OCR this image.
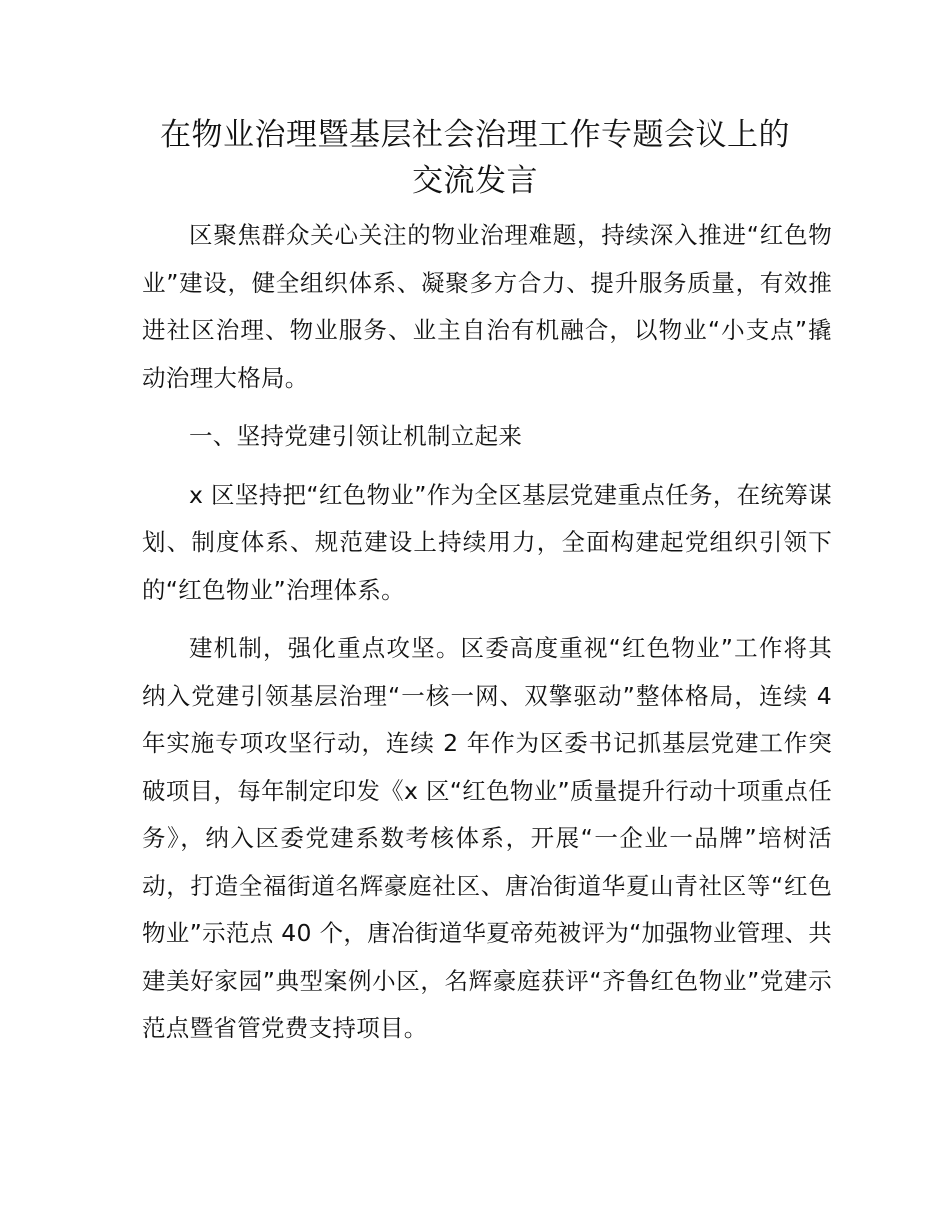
在物业治理暨基层社会治理工作专题会议上的
交流发言

区聚焦群众关心关注的物业治理难题，持续深入推进“红色物业”建设，健全组织体系、凝聚多方合力、提升服务质量，有效推进社区治理、物业服务、业主自治有机融合，以物业“小支点”撬动治理大格局。

一、坚持党建引领让机制立起来

x 区坚持把“红色物业”作为全区基层党建重点任务，在统筹谋划、制度体系、规范建设上持续用力，全面构建起党组织引领下的“红色物业”治理体系。

建机制，强化重点攻坚。区委高度重视“红色物业”工作将其纳入党建引领基层治理“一核一网、双擎驱动”整体格局，连续 4 年实施专项攻坚行动，连续 2 年作为区委书记抓基层党建工作突破项目，每年制定印发《x 区“红色物业”质量提升行动十项重点任务》，纳入区委党建系数考核体系，开展“一企业一品牌”培树活动，打造全福街道名辉豪庭社区、唐冶街道华夏山青社区等“红色物业”示范点 40 个，唐冶街道华夏帝苑被评为“加强物业管理、共建美好家园”典型案例小区，名辉豪庭获评“齐鲁红色物业”党建示范点暨省管党费支持项目。
